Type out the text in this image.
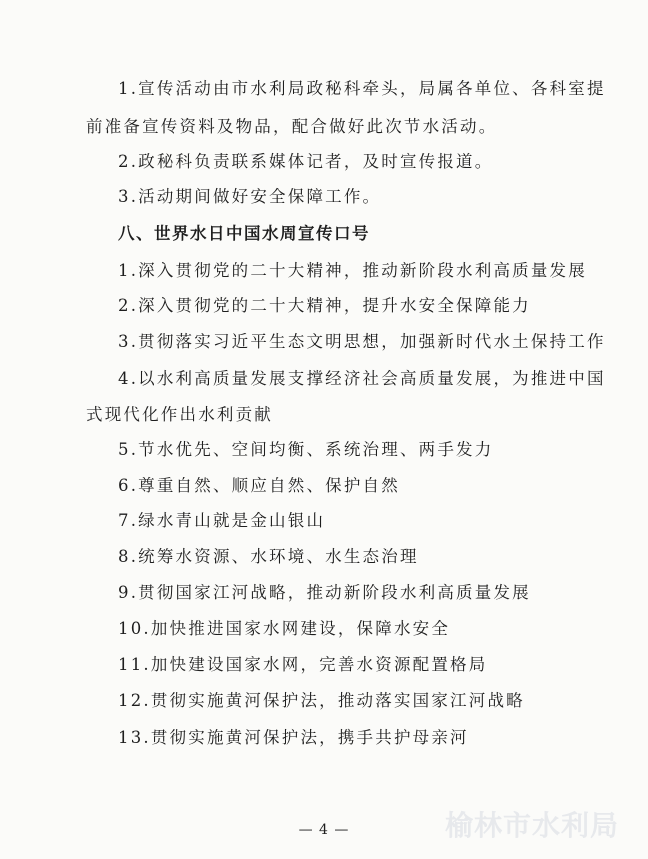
1.宣传活动由市水利局政秘科牵头，局属各单位、各科室提
前准备宣传资料及物品，配合做好此次节水活动。
2.政秘科负责联系媒体记者，及时宣传报道。
3.活动期间做好安全保障工作。
八、世界水日中国水周宣传口号
1.深入贯彻党的二十大精神，推动新阶段水利高质量发展
2.深入贯彻党的二十大精神，提升水安全保障能力
3.贯彻落实习近平生态文明思想，加强新时代水土保持工作
4.以水利高质量发展支撑经济社会高质量发展，为推进中国
式现代化作出水利贡献
5.节水优先、空间均衡、系统治理、两手发力
6.尊重自然、顺应自然、保护自然
7.绿水青山就是金山银山
8.统筹水资源、水环境、水生态治理
9.贯彻国家江河战略，推动新阶段水利高质量发展
10.加快推进国家水网建设，保障水安全
11.加快建设国家水网，完善水资源配置格局
12.贯彻实施黄河保护法，推动落实国家江河战略
13.贯彻实施黄河保护法，携手共护母亲河
— 4 —	榆林市水利局
